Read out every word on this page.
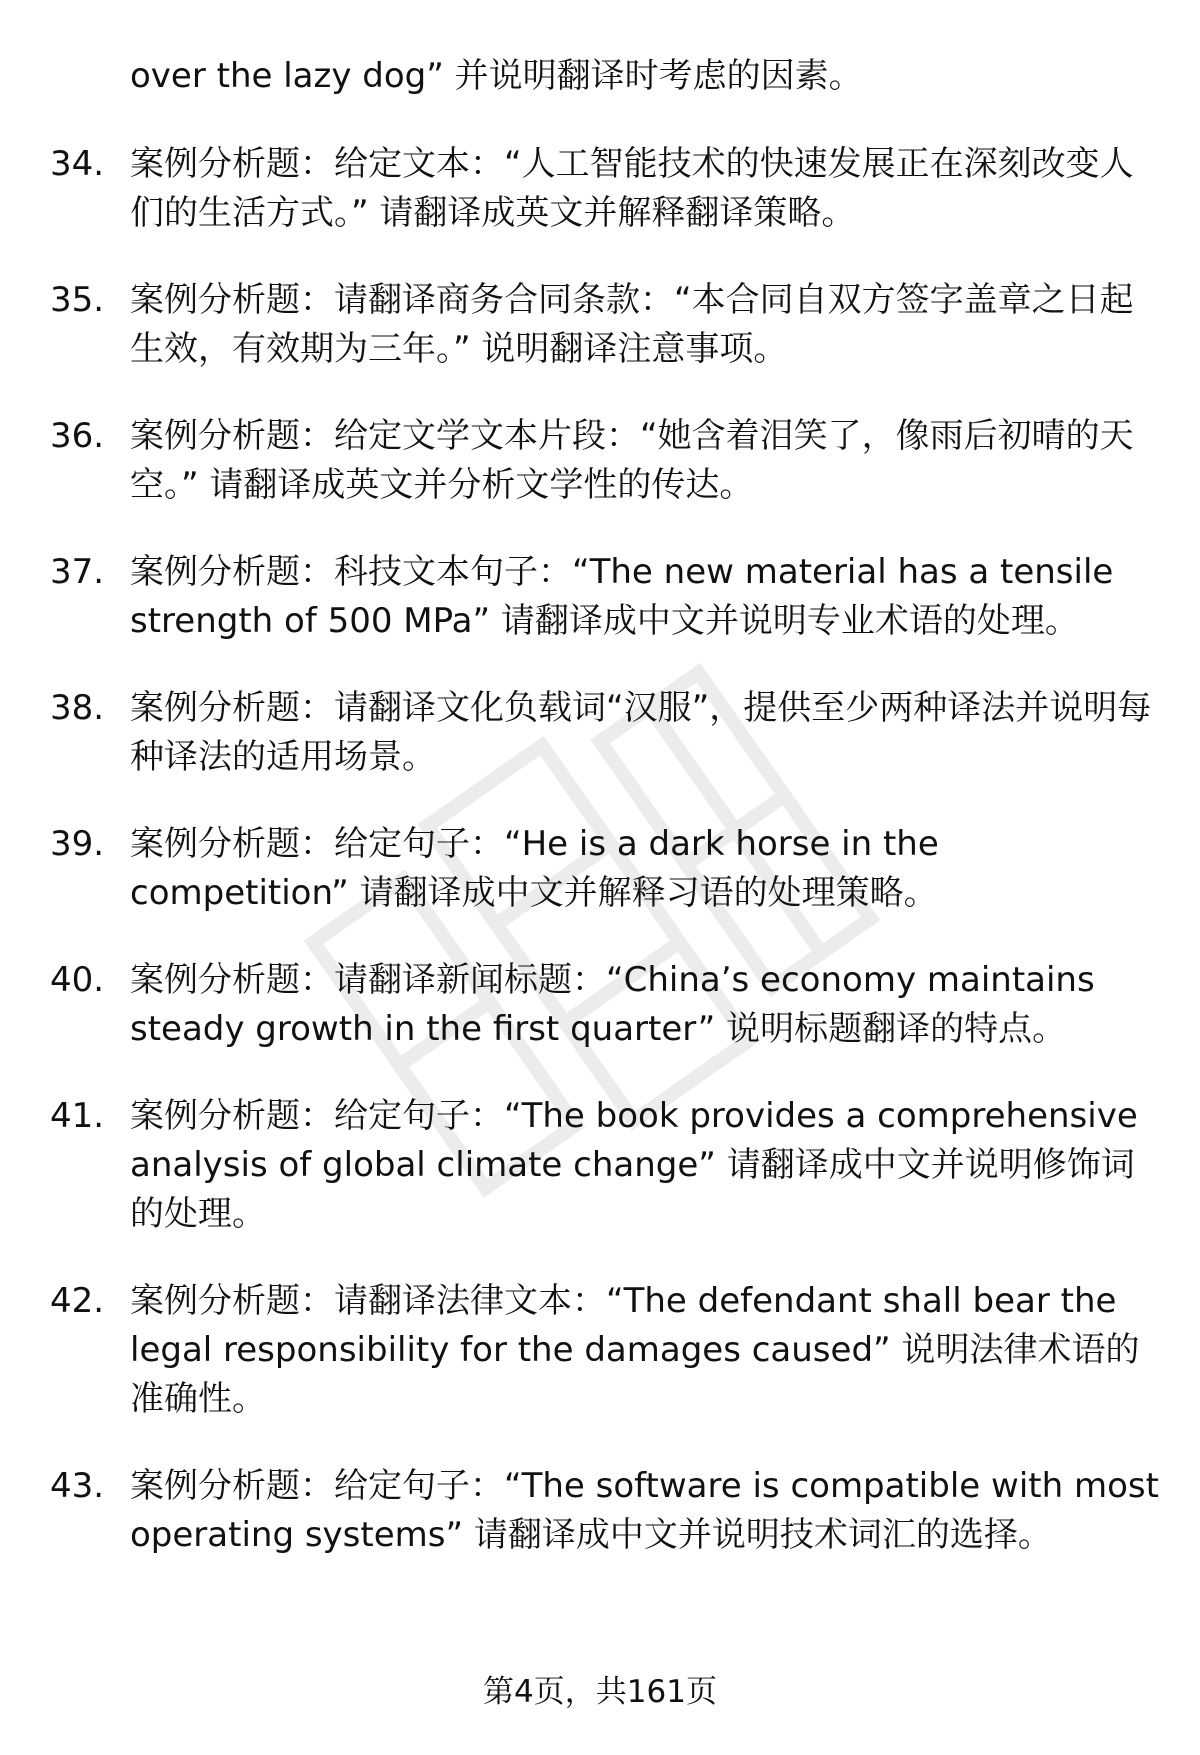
over the lazy dog” 并说明翻译时考虑的因素。
34. 案例分析题：给定文本：“人工智能技术的快速发展正在深刻改变人们的生活方式。” 请翻译成英文并解释翻译策略。
35. 案例分析题：请翻译商务合同条款：“本合同自双方签字盖章之日起生效，有效期为三年。” 说明翻译注意事项。
36. 案例分析题：给定文学文本片段：“她含着泪笑了，像雨后初晴的天空。” 请翻译成英文并分析文学性的传达。
37. 案例分析题：科技文本句子：“The new material has a tensile strength of 500 MPa” 请翻译成中文并说明专业术语的处理。
38. 案例分析题：请翻译文化负载词“汉服”，提供至少两种译法并说明每种译法的适用场景。
39. 案例分析题：给定句子：“He is a dark horse in the competition” 请翻译成中文并解释习语的处理策略。
40. 案例分析题：请翻译新闻标题：“China’s economy maintains steady growth in the first quarter” 说明标题翻译的特点。
41. 案例分析题：给定句子：“The book provides a comprehensive analysis of global climate change” 请翻译成中文并说明修饰词的处理。
42. 案例分析题：请翻译法律文本：“The defendant shall bear the legal responsibility for the damages caused” 说明法律术语的准确性。
43. 案例分析题：给定句子：“The software is compatible with most operating systems” 请翻译成中文并说明技术词汇的选择。
第4页，共161页
